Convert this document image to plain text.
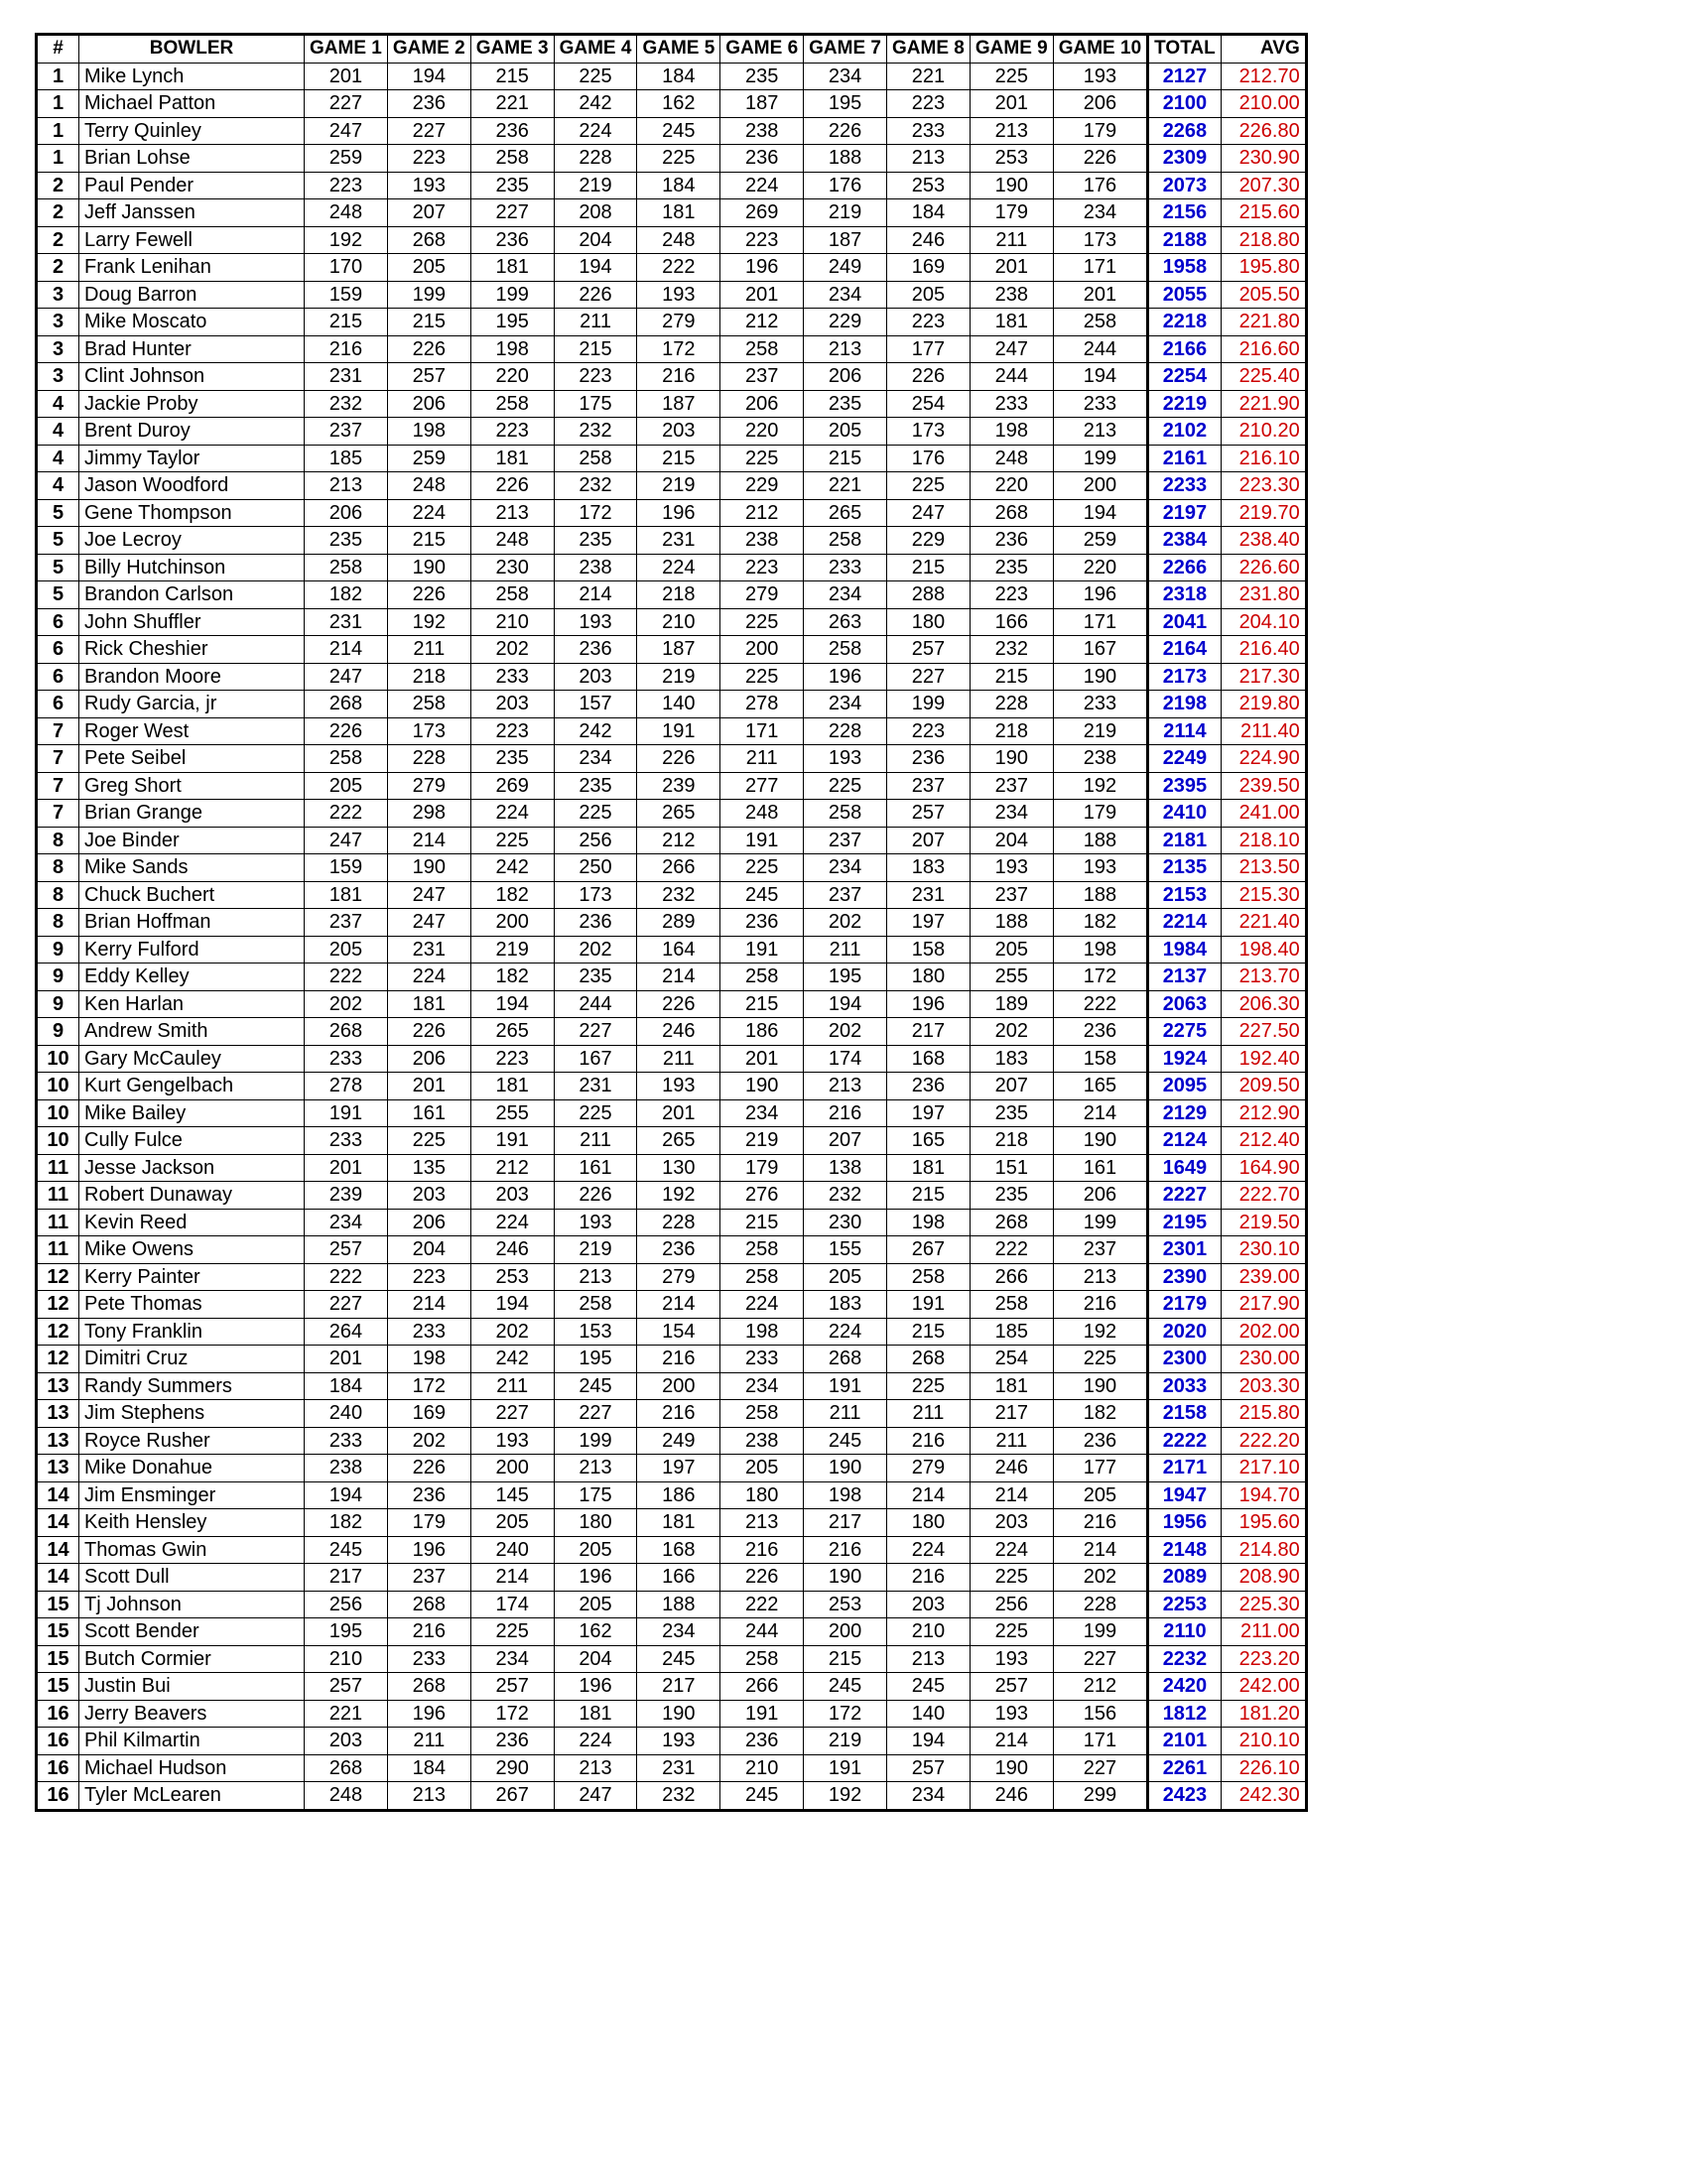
#	BOWLER	GAME 1	GAME 2	GAME 3	GAME 4	GAME 5	GAME 6	GAME 7	GAME 8	GAME 9	GAME 10	TOTAL	AVG
1	Mike Lynch	201	194	215	225	184	235	234	221	225	193	2127	212.70
1	Michael Patton	227	236	221	242	162	187	195	223	201	206	2100	210.00
1	Terry Quinley	247	227	236	224	245	238	226	233	213	179	2268	226.80
1	Brian Lohse	259	223	258	228	225	236	188	213	253	226	2309	230.90
2	Paul Pender	223	193	235	219	184	224	176	253	190	176	2073	207.30
2	Jeff Janssen	248	207	227	208	181	269	219	184	179	234	2156	215.60
2	Larry Fewell	192	268	236	204	248	223	187	246	211	173	2188	218.80
2	Frank Lenihan	170	205	181	194	222	196	249	169	201	171	1958	195.80
3	Doug Barron	159	199	199	226	193	201	234	205	238	201	2055	205.50
3	Mike Moscato	215	215	195	211	279	212	229	223	181	258	2218	221.80
3	Brad Hunter	216	226	198	215	172	258	213	177	247	244	2166	216.60
3	Clint Johnson	231	257	220	223	216	237	206	226	244	194	2254	225.40
4	Jackie Proby	232	206	258	175	187	206	235	254	233	233	2219	221.90
4	Brent Duroy	237	198	223	232	203	220	205	173	198	213	2102	210.20
4	Jimmy Taylor	185	259	181	258	215	225	215	176	248	199	2161	216.10
4	Jason Woodford	213	248	226	232	219	229	221	225	220	200	2233	223.30
5	Gene Thompson	206	224	213	172	196	212	265	247	268	194	2197	219.70
5	Joe Lecroy	235	215	248	235	231	238	258	229	236	259	2384	238.40
5	Billy Hutchinson	258	190	230	238	224	223	233	215	235	220	2266	226.60
5	Brandon Carlson	182	226	258	214	218	279	234	288	223	196	2318	231.80
6	John Shuffler	231	192	210	193	210	225	263	180	166	171	2041	204.10
6	Rick Cheshier	214	211	202	236	187	200	258	257	232	167	2164	216.40
6	Brandon Moore	247	218	233	203	219	225	196	227	215	190	2173	217.30
6	Rudy Garcia, jr	268	258	203	157	140	278	234	199	228	233	2198	219.80
7	Roger West	226	173	223	242	191	171	228	223	218	219	2114	211.40
7	Pete Seibel	258	228	235	234	226	211	193	236	190	238	2249	224.90
7	Greg Short	205	279	269	235	239	277	225	237	237	192	2395	239.50
7	Brian Grange	222	298	224	225	265	248	258	257	234	179	2410	241.00
8	Joe Binder	247	214	225	256	212	191	237	207	204	188	2181	218.10
8	Mike Sands	159	190	242	250	266	225	234	183	193	193	2135	213.50
8	Chuck Buchert	181	247	182	173	232	245	237	231	237	188	2153	215.30
8	Brian Hoffman	237	247	200	236	289	236	202	197	188	182	2214	221.40
9	Kerry Fulford	205	231	219	202	164	191	211	158	205	198	1984	198.40
9	Eddy Kelley	222	224	182	235	214	258	195	180	255	172	2137	213.70
9	Ken Harlan	202	181	194	244	226	215	194	196	189	222	2063	206.30
9	Andrew Smith	268	226	265	227	246	186	202	217	202	236	2275	227.50
10	Gary McCauley	233	206	223	167	211	201	174	168	183	158	1924	192.40
10	Kurt Gengelbach	278	201	181	231	193	190	213	236	207	165	2095	209.50
10	Mike Bailey	191	161	255	225	201	234	216	197	235	214	2129	212.90
10	Cully Fulce	233	225	191	211	265	219	207	165	218	190	2124	212.40
11	Jesse Jackson	201	135	212	161	130	179	138	181	151	161	1649	164.90
11	Robert Dunaway	239	203	203	226	192	276	232	215	235	206	2227	222.70
11	Kevin Reed	234	206	224	193	228	215	230	198	268	199	2195	219.50
11	Mike Owens	257	204	246	219	236	258	155	267	222	237	2301	230.10
12	Kerry Painter	222	223	253	213	279	258	205	258	266	213	2390	239.00
12	Pete Thomas	227	214	194	258	214	224	183	191	258	216	2179	217.90
12	Tony Franklin	264	233	202	153	154	198	224	215	185	192	2020	202.00
12	Dimitri Cruz	201	198	242	195	216	233	268	268	254	225	2300	230.00
13	Randy Summers	184	172	211	245	200	234	191	225	181	190	2033	203.30
13	Jim Stephens	240	169	227	227	216	258	211	211	217	182	2158	215.80
13	Royce Rusher	233	202	193	199	249	238	245	216	211	236	2222	222.20
13	Mike Donahue	238	226	200	213	197	205	190	279	246	177	2171	217.10
14	Jim Ensminger	194	236	145	175	186	180	198	214	214	205	1947	194.70
14	Keith Hensley	182	179	205	180	181	213	217	180	203	216	1956	195.60
14	Thomas Gwin	245	196	240	205	168	216	216	224	224	214	2148	214.80
14	Scott Dull	217	237	214	196	166	226	190	216	225	202	2089	208.90
15	Tj Johnson	256	268	174	205	188	222	253	203	256	228	2253	225.30
15	Scott Bender	195	216	225	162	234	244	200	210	225	199	2110	211.00
15	Butch Cormier	210	233	234	204	245	258	215	213	193	227	2232	223.20
15	Justin Bui	257	268	257	196	217	266	245	245	257	212	2420	242.00
16	Jerry Beavers	221	196	172	181	190	191	172	140	193	156	1812	181.20
16	Phil Kilmartin	203	211	236	224	193	236	219	194	214	171	2101	210.10
16	Michael Hudson	268	184	290	213	231	210	191	257	190	227	2261	226.10
16	Tyler McLearen	248	213	267	247	232	245	192	234	246	299	2423	242.30
